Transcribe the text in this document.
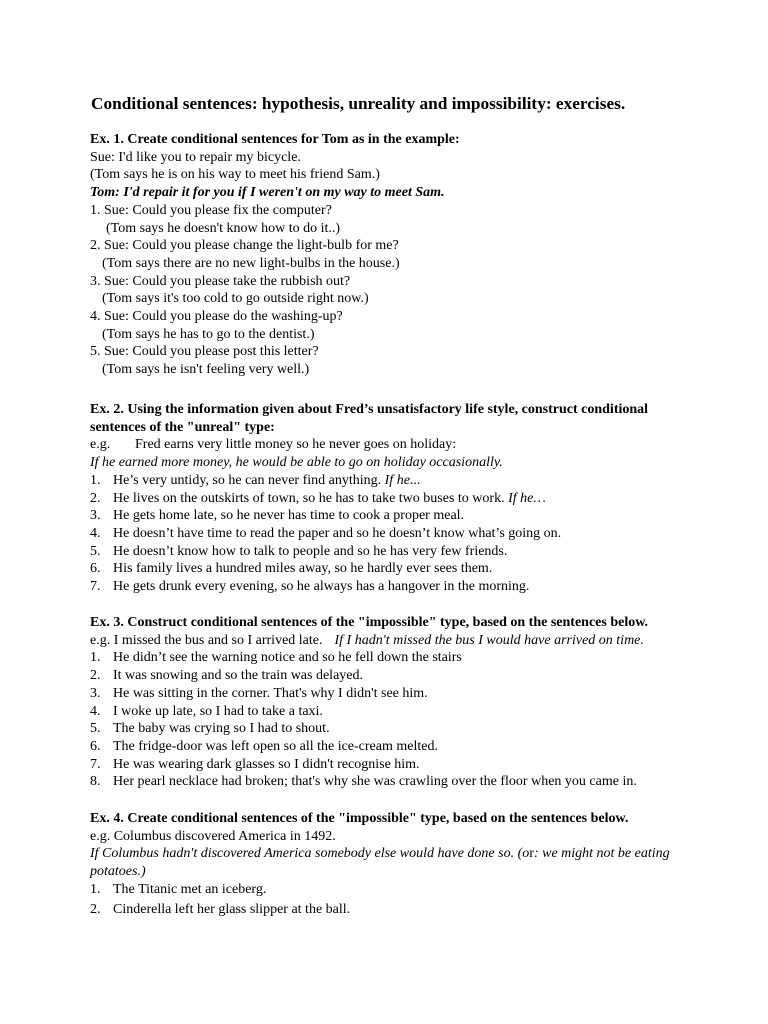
Conditional sentences: hypothesis, unreality and impossibility: exercises.
Ex. 1. Create conditional sentences for Tom as in the example:
Sue: I'd like you to repair my bicycle.
(Tom says he is on his way to meet his friend Sam.)
Tom: I'd repair it for you if I weren't on my way to meet Sam.
1. Sue: Could you please fix the computer?
(Tom says he doesn't know how to do it..)
2. Sue: Could you please change the light-bulb for me?
(Tom says there are no new light-bulbs in the house.)
3. Sue: Could you please take the rubbish out?
(Tom says it's too cold to go outside right now.)
4. Sue: Could you please do the washing-up?
(Tom says he has to go to the dentist.)
5. Sue: Could you please post this letter?
(Tom says he isn't feeling very well.)
Ex. 2. Using the information given about Fred’s unsatisfactory life style, construct conditional
sentences of the "unreal" type:
e.g. Fred earns very little money so he never goes on holiday:
If he earned more money, he would be able to go on holiday occasionally.
1. He’s very untidy, so he can never find anything. If he...
2. He lives on the outskirts of town, so he has to take two buses to work. If he…
3. He gets home late, so he never has time to cook a proper meal.
4. He doesn’t have time to read the paper and so he doesn’t know what’s going on.
5. He doesn’t know how to talk to people and so he has very few friends.
6. His family lives a hundred miles away, so he hardly ever sees them.
7. He gets drunk every evening, so he always has a hangover in the morning.
Ex. 3. Construct conditional sentences of the "impossible" type, based on the sentences below.
e.g. I missed the bus and so I arrived late. If I hadn't missed the bus I would have arrived on time.
1. He didn’t see the warning notice and so he fell down the stairs
2. It was snowing and so the train was delayed.
3. He was sitting in the corner. That's why I didn't see him.
4. I woke up late, so I had to take a taxi.
5. The baby was crying so I had to shout.
6. The fridge-door was left open so all the ice-cream melted.
7. He was wearing dark glasses so I didn't recognise him.
8. Her pearl necklace had broken; that's why she was crawling over the floor when you came in.
Ex. 4. Create conditional sentences of the "impossible" type, based on the sentences below.
e.g. Columbus discovered America in 1492.
If Columbus hadn't discovered America somebody else would have done so. (or: we might not be eating potatoes.)
1. The Titanic met an iceberg.
2. Cinderella left her glass slipper at the ball.
